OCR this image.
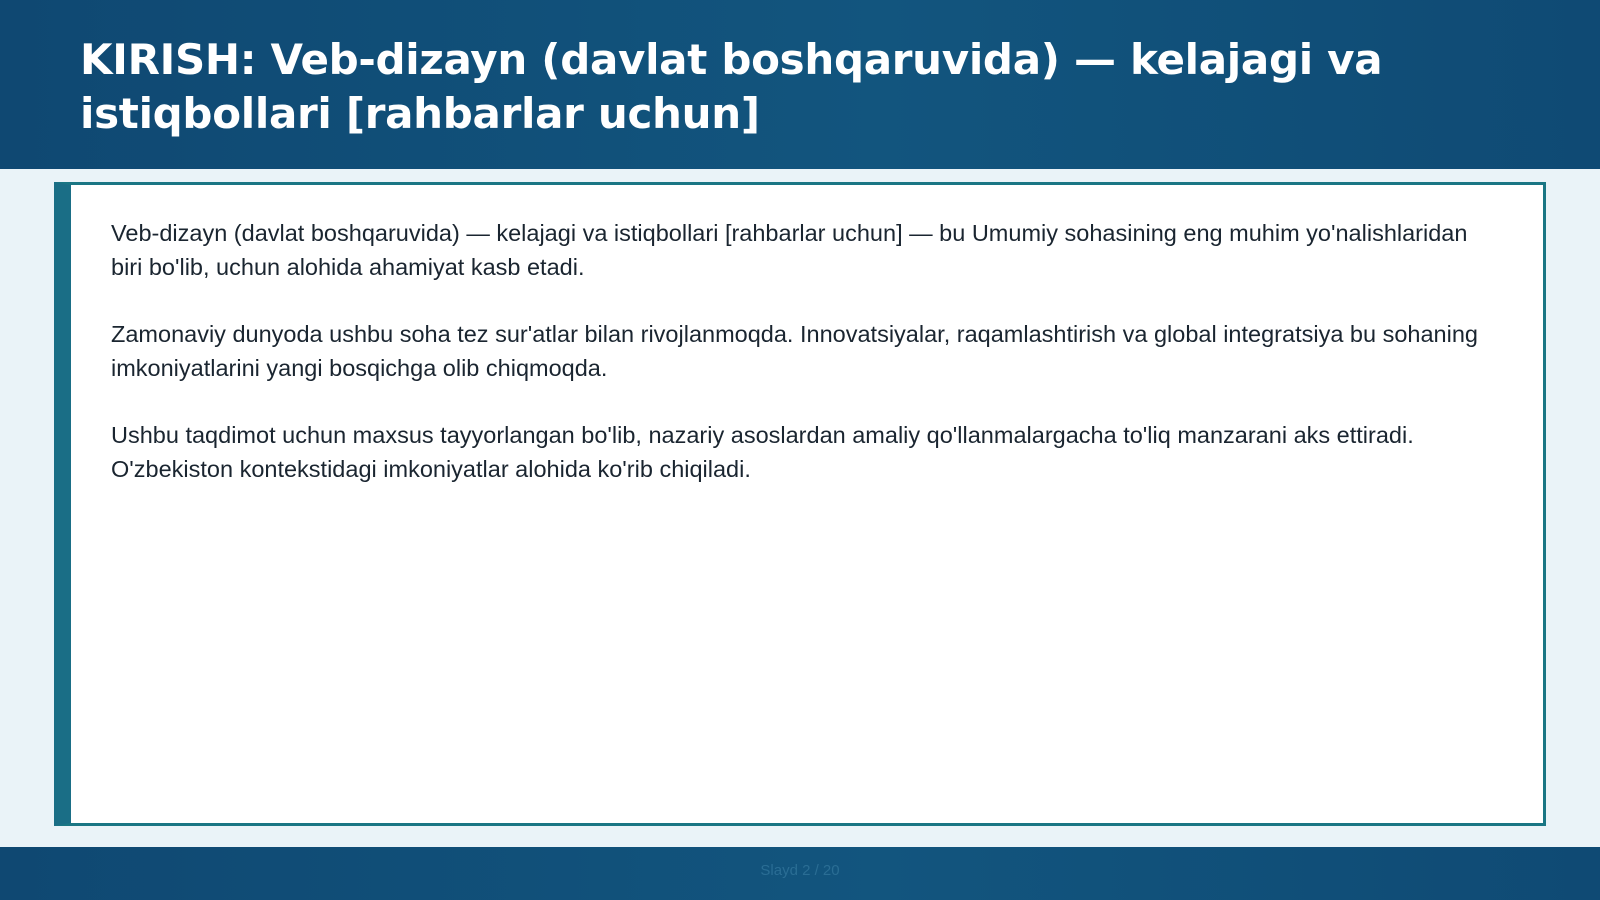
KIRISH: Veb-dizayn (davlat boshqaruvida) — kelajagi va istiqbollari [rahbarlar uchun]

Veb-dizayn (davlat boshqaruvida) — kelajagi va istiqbollari [rahbarlar uchun] — bu Umumiy sohasining eng muhim yo'nalishlaridan biri bo'lib, uchun alohida ahamiyat kasb etadi.

Zamonaviy dunyoda ushbu soha tez sur'atlar bilan rivojlanmoqda. Innovatsiyalar, raqamlashtirish va global integratsiya bu sohaning imkoniyatlarini yangi bosqichga olib chiqmoqda.

Ushbu taqdimot uchun maxsus tayyorlangan bo'lib, nazariy asoslardan amaliy qo'llanmalargacha to'liq manzarani aks ettiradi. O'zbekiston kontekstidagi imkoniyatlar alohida ko'rib chiqiladi.

Slayd 2 / 20
